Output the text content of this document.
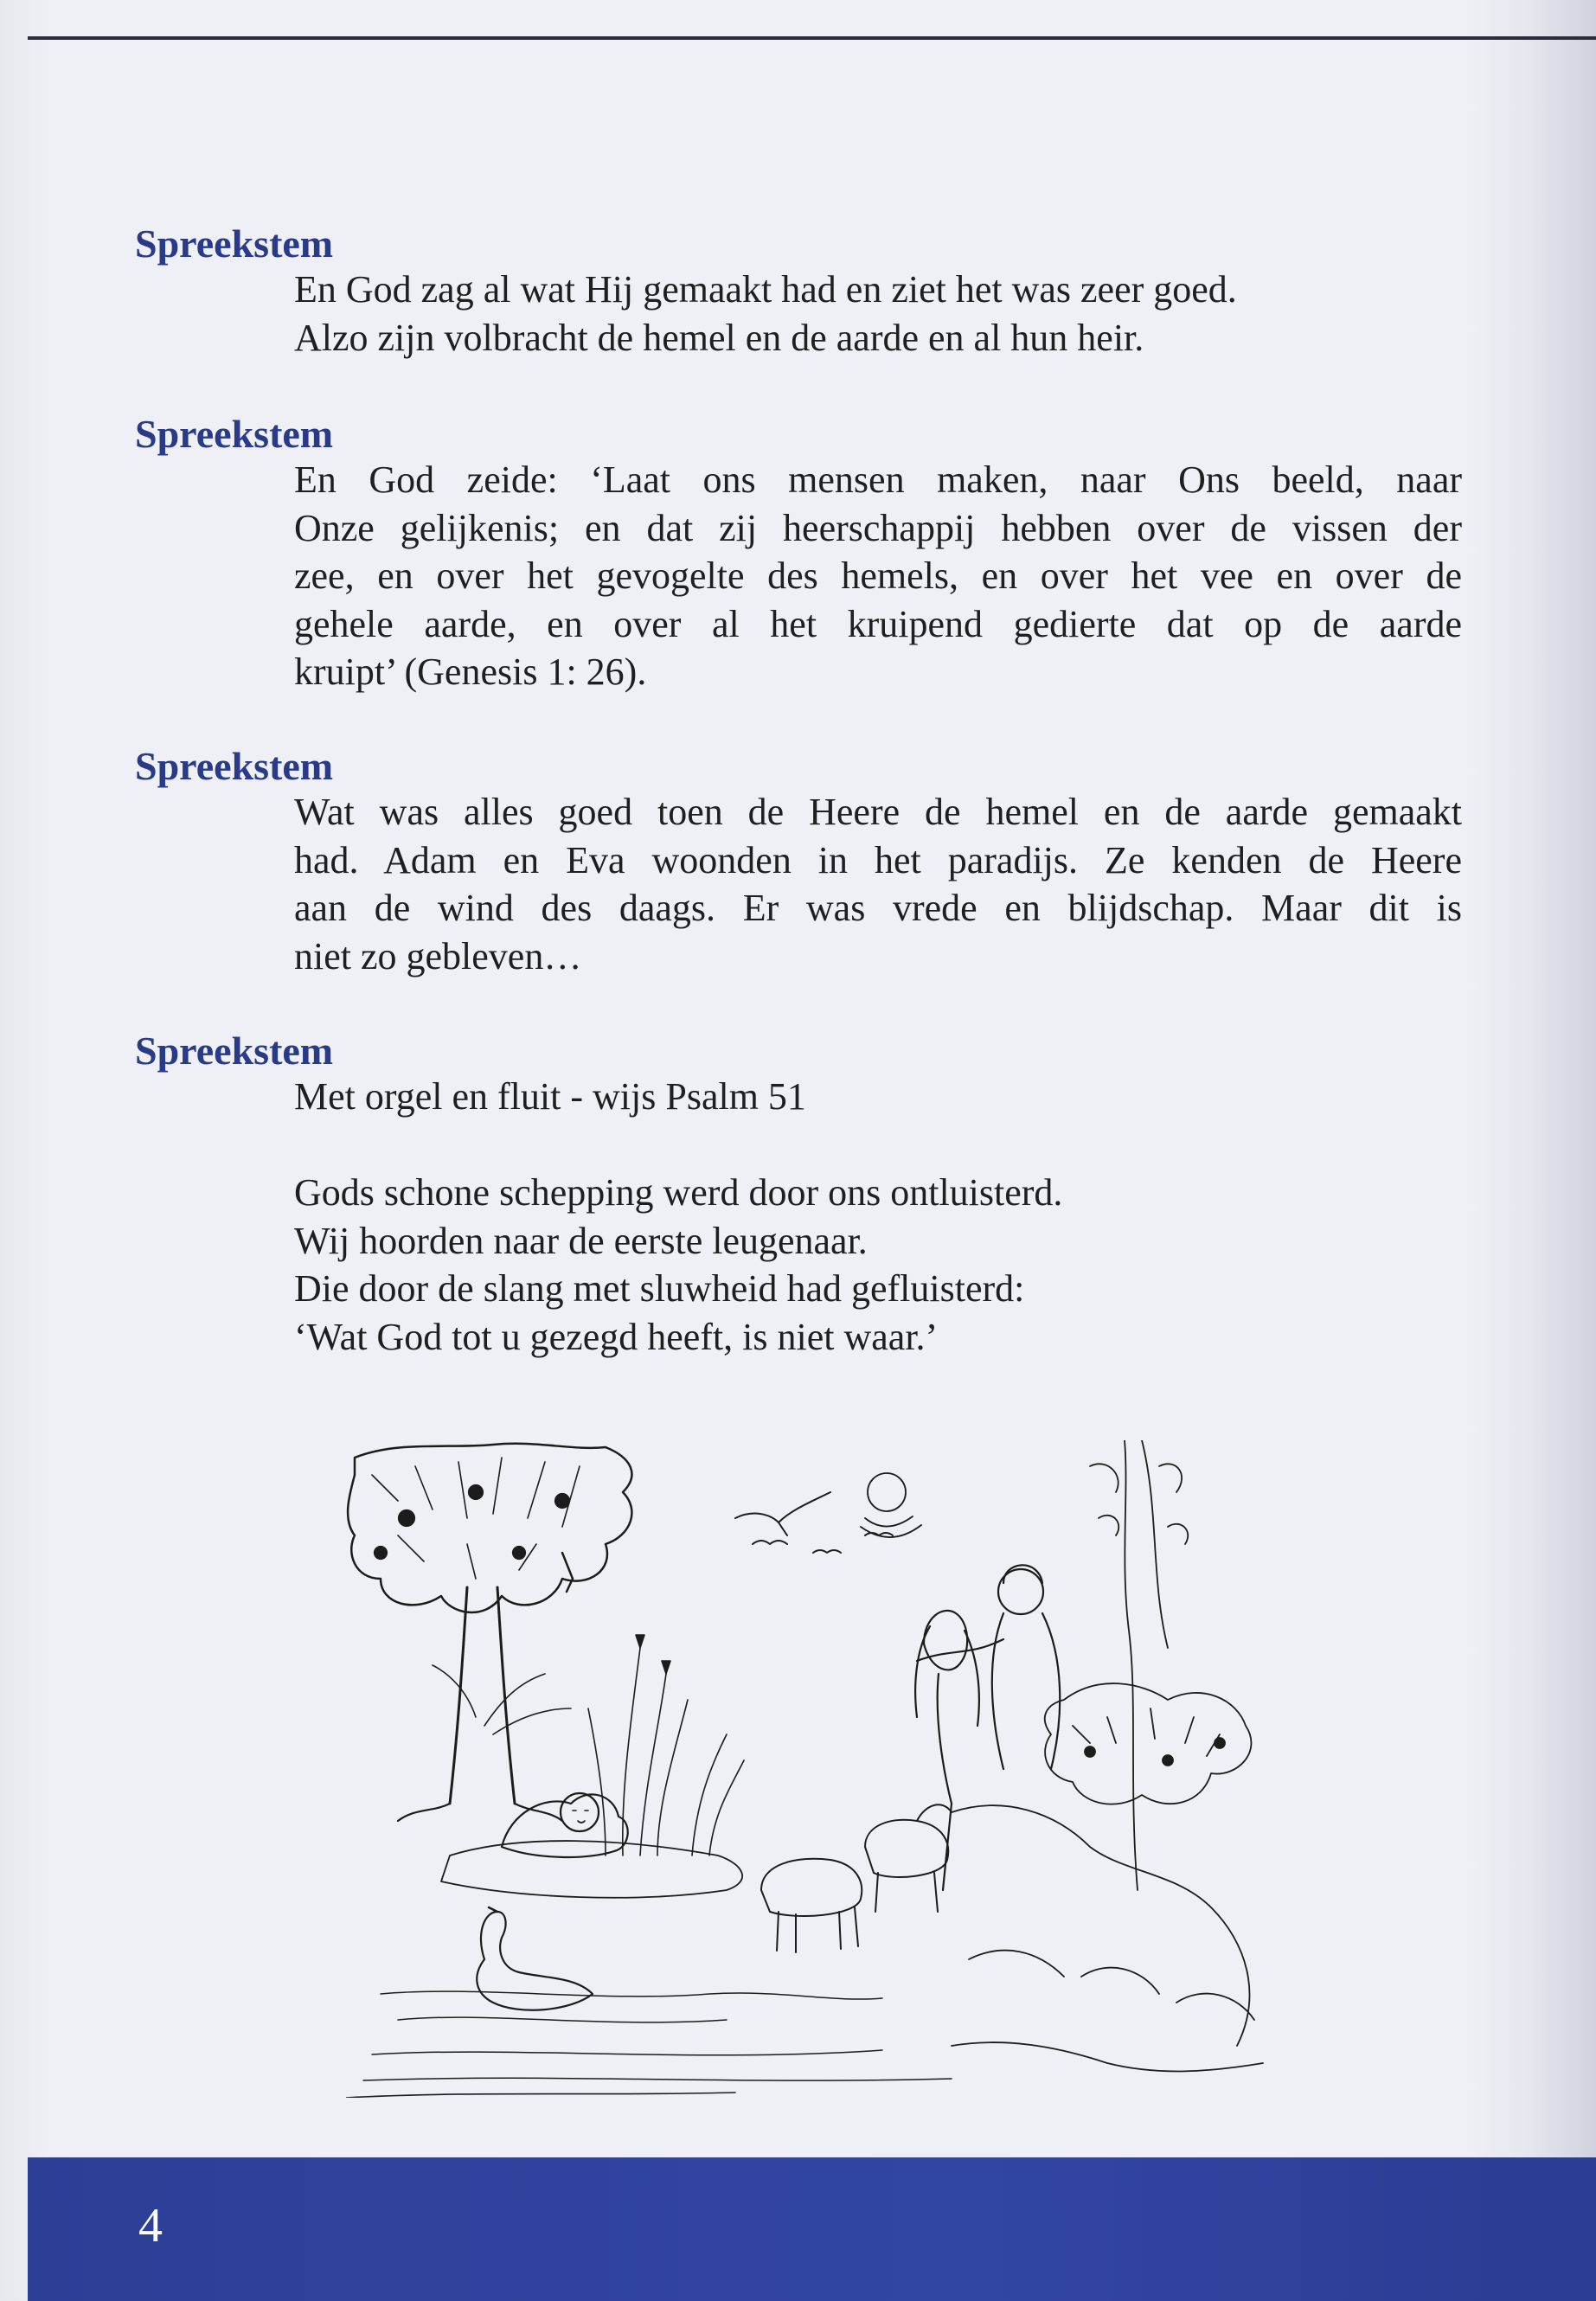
Spreekstem
En God zag al wat Hij gemaakt had en ziet het was zeer goed.
Alzo zijn volbracht de hemel en de aarde en al hun heir.
Spreekstem
En God zeide: ‘Laat ons mensen maken, naar Ons beeld, naar
Onze gelijkenis; en dat zij heerschappij hebben over de vissen der
zee, en over het gevogelte des hemels, en over het vee en over de
gehele aarde, en over al het kruipend gedierte dat op de aarde
kruipt’ (Genesis 1: 26).
Spreekstem
Wat was alles goed toen de Heere de hemel en de aarde gemaakt
had. Adam en Eva woonden in het paradijs. Ze kenden de Heere
aan de wind des daags. Er was vrede en blijdschap. Maar dit is
niet zo gebleven…
Spreekstem
Met orgel en fluit - wijs Psalm 51
Gods schone schepping werd door ons ontluisterd.
Wij hoorden naar de eerste leugenaar.
Die door de slang met sluwheid had gefluisterd:
‘Wat God tot u gezegd heeft, is niet waar.’
4
